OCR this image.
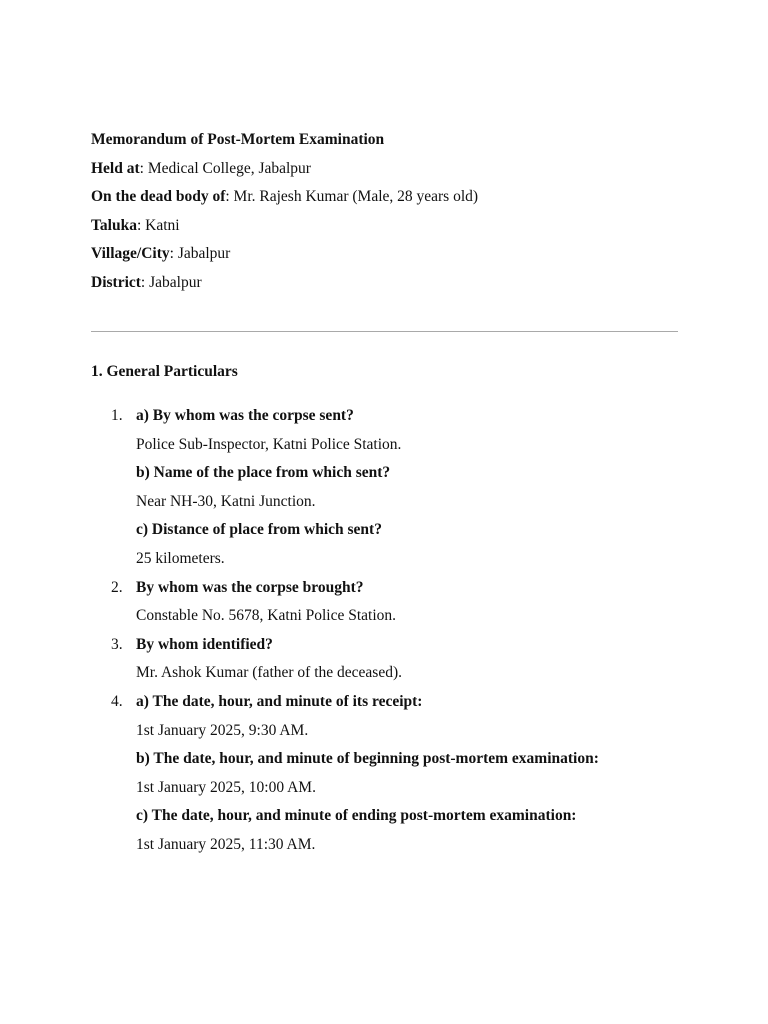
Memorandum of Post-Mortem Examination
Held at: Medical College, Jabalpur
On the dead body of: Mr. Rajesh Kumar (Male, 28 years old)
Taluka: Katni
Village/City: Jabalpur
District: Jabalpur
1. General Particulars
1. a) By whom was the corpse sent?
Police Sub-Inspector, Katni Police Station.
b) Name of the place from which sent?
Near NH-30, Katni Junction.
c) Distance of place from which sent?
25 kilometers.
2. By whom was the corpse brought?
Constable No. 5678, Katni Police Station.
3. By whom identified?
Mr. Ashok Kumar (father of the deceased).
4. a) The date, hour, and minute of its receipt:
1st January 2025, 9:30 AM.
b) The date, hour, and minute of beginning post-mortem examination:
1st January 2025, 10:00 AM.
c) The date, hour, and minute of ending post-mortem examination:
1st January 2025, 11:30 AM.
